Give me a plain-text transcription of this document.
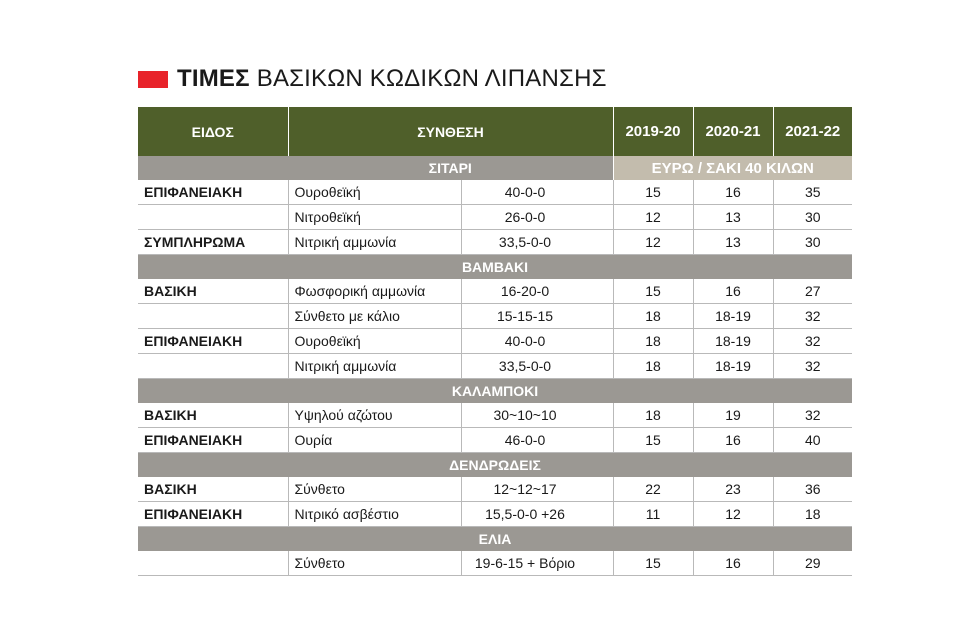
ΤΙΜΕΣ ΒΑΣΙΚΩΝ ΚΩΔΙΚΩΝ ΛΙΠΑΝΣΗΣ
ΕΙΔΟΣ	ΣΥΝΘΕΣΗ		2019-20	2020-21	2021-22
	ΣΙΤΑΡΙ		ΕΥΡΩ / ΣΑΚΙ 40 ΚΙΛΩΝ		
ΕΠΙΦΑΝΕΙΑΚΗ	Ουροθεϊκή	40-0-0	15	16	35
	Νιτροθεϊκή	26-0-0	12	13	30
ΣΥΜΠΛΗΡΩΜΑ	Νιτρική αμμωνία	33,5-0-0	12	13	30
ΒΑΜΒΑΚΙ					
ΒΑΣΙΚΗ	Φωσφορική αμμωνία	16-20-0	15	16	27
	Σύνθετο με κάλιο	15-15-15	18	18-19	32
ΕΠΙΦΑΝΕΙΑΚΗ	Ουροθεϊκή	40-0-0	18	18-19	32
	Νιτρική αμμωνία	33,5-0-0	18	18-19	32
ΚΑΛΑΜΠΟΚΙ					
ΒΑΣΙΚΗ	Υψηλού αζώτου	30~10~10	18	19	32
ΕΠΙΦΑΝΕΙΑΚΗ	Ουρία	46-0-0	15	16	40
ΔΕΝΔΡΩΔΕΙΣ					
ΒΑΣΙΚΗ	Σύνθετο	12~12~17	22	23	36
ΕΠΙΦΑΝΕΙΑΚΗ	Νιτρικό ασβέστιο	15,5-0-0 +26	11	12	18
ΕΛΙΑ					
	Σύνθετο	19-6-15 + Βόριο	15	16	29
